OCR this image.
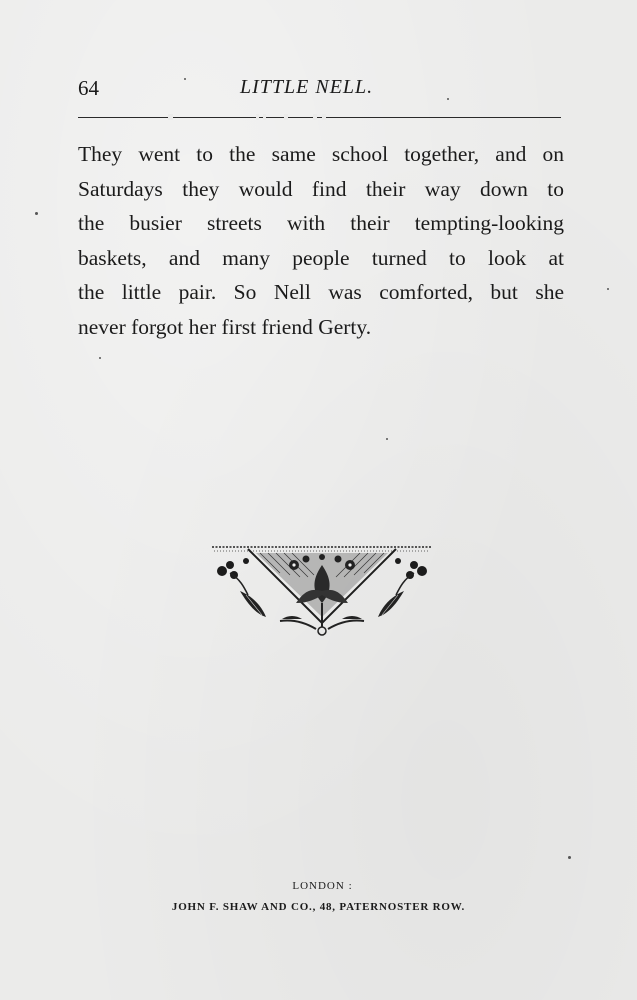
64	LITTLE NELL.

They went to the same school together, and on
Saturdays they would find their way down to
the busier streets with their tempting-looking
baskets, and many people turned to look at
the little pair. So Nell was comforted, but she
never forgot her first friend Gerty.

LONDON :
JOHN F. SHAW AND CO., 48, PATERNOSTER ROW.
